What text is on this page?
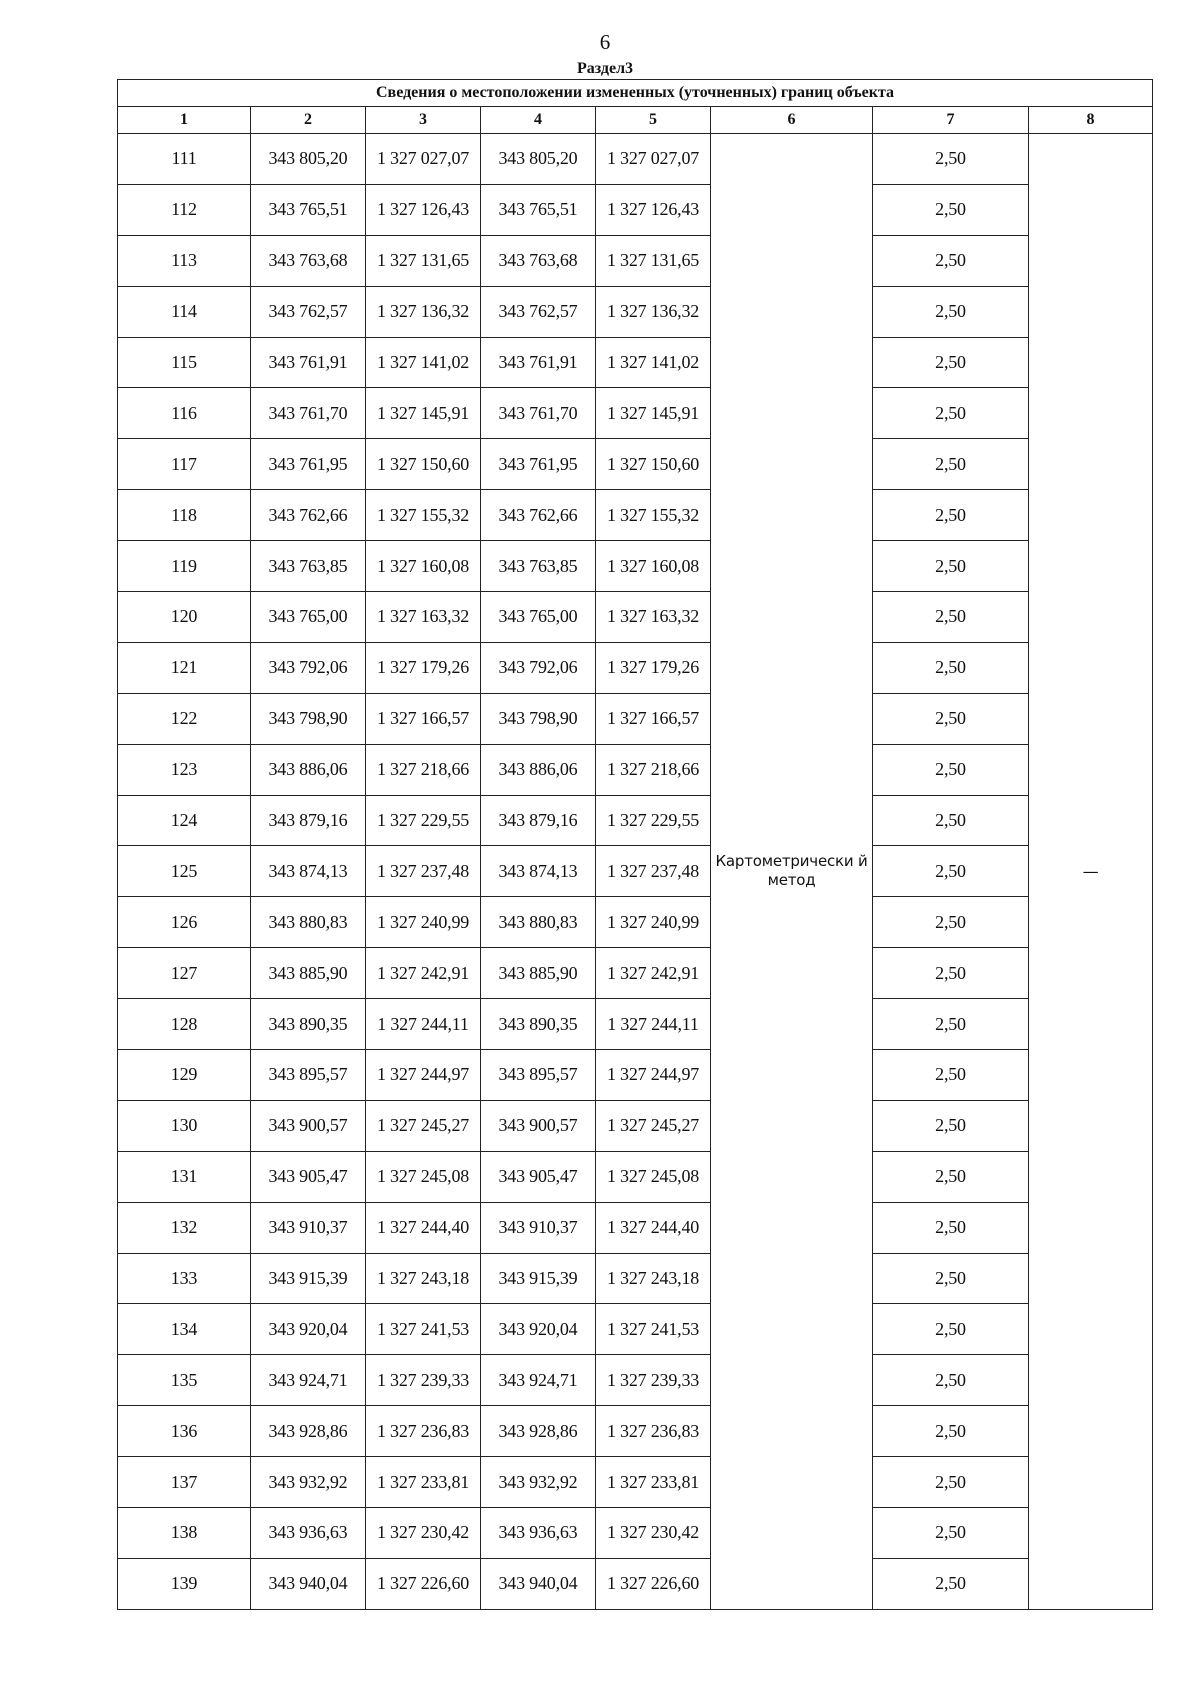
6
Раздел3
Сведения о местоположении измененных (уточненных) границ объекта							
1	2	3	4	5	6	7	8
111	343 805,20	1 327 027,07	343 805,20	1 327 027,07	Картометрически й метод	2,50	—
112	343 765,51	1 327 126,43	343 765,51	1 327 126,43		2,50	
113	343 763,68	1 327 131,65	343 763,68	1 327 131,65		2,50	
114	343 762,57	1 327 136,32	343 762,57	1 327 136,32		2,50	
115	343 761,91	1 327 141,02	343 761,91	1 327 141,02		2,50	
116	343 761,70	1 327 145,91	343 761,70	1 327 145,91		2,50	
117	343 761,95	1 327 150,60	343 761,95	1 327 150,60		2,50	
118	343 762,66	1 327 155,32	343 762,66	1 327 155,32		2,50	
119	343 763,85	1 327 160,08	343 763,85	1 327 160,08		2,50	
120	343 765,00	1 327 163,32	343 765,00	1 327 163,32		2,50	
121	343 792,06	1 327 179,26	343 792,06	1 327 179,26		2,50	
122	343 798,90	1 327 166,57	343 798,90	1 327 166,57		2,50	
123	343 886,06	1 327 218,66	343 886,06	1 327 218,66		2,50	
124	343 879,16	1 327 229,55	343 879,16	1 327 229,55		2,50	
125	343 874,13	1 327 237,48	343 874,13	1 327 237,48		2,50	
126	343 880,83	1 327 240,99	343 880,83	1 327 240,99		2,50	
127	343 885,90	1 327 242,91	343 885,90	1 327 242,91		2,50	
128	343 890,35	1 327 244,11	343 890,35	1 327 244,11		2,50	
129	343 895,57	1 327 244,97	343 895,57	1 327 244,97		2,50	
130	343 900,57	1 327 245,27	343 900,57	1 327 245,27		2,50	
131	343 905,47	1 327 245,08	343 905,47	1 327 245,08		2,50	
132	343 910,37	1 327 244,40	343 910,37	1 327 244,40		2,50	
133	343 915,39	1 327 243,18	343 915,39	1 327 243,18		2,50	
134	343 920,04	1 327 241,53	343 920,04	1 327 241,53		2,50	
135	343 924,71	1 327 239,33	343 924,71	1 327 239,33		2,50	
136	343 928,86	1 327 236,83	343 928,86	1 327 236,83		2,50	
137	343 932,92	1 327 233,81	343 932,92	1 327 233,81		2,50	
138	343 936,63	1 327 230,42	343 936,63	1 327 230,42		2,50	
139	343 940,04	1 327 226,60	343 940,04	1 327 226,60		2,50	
